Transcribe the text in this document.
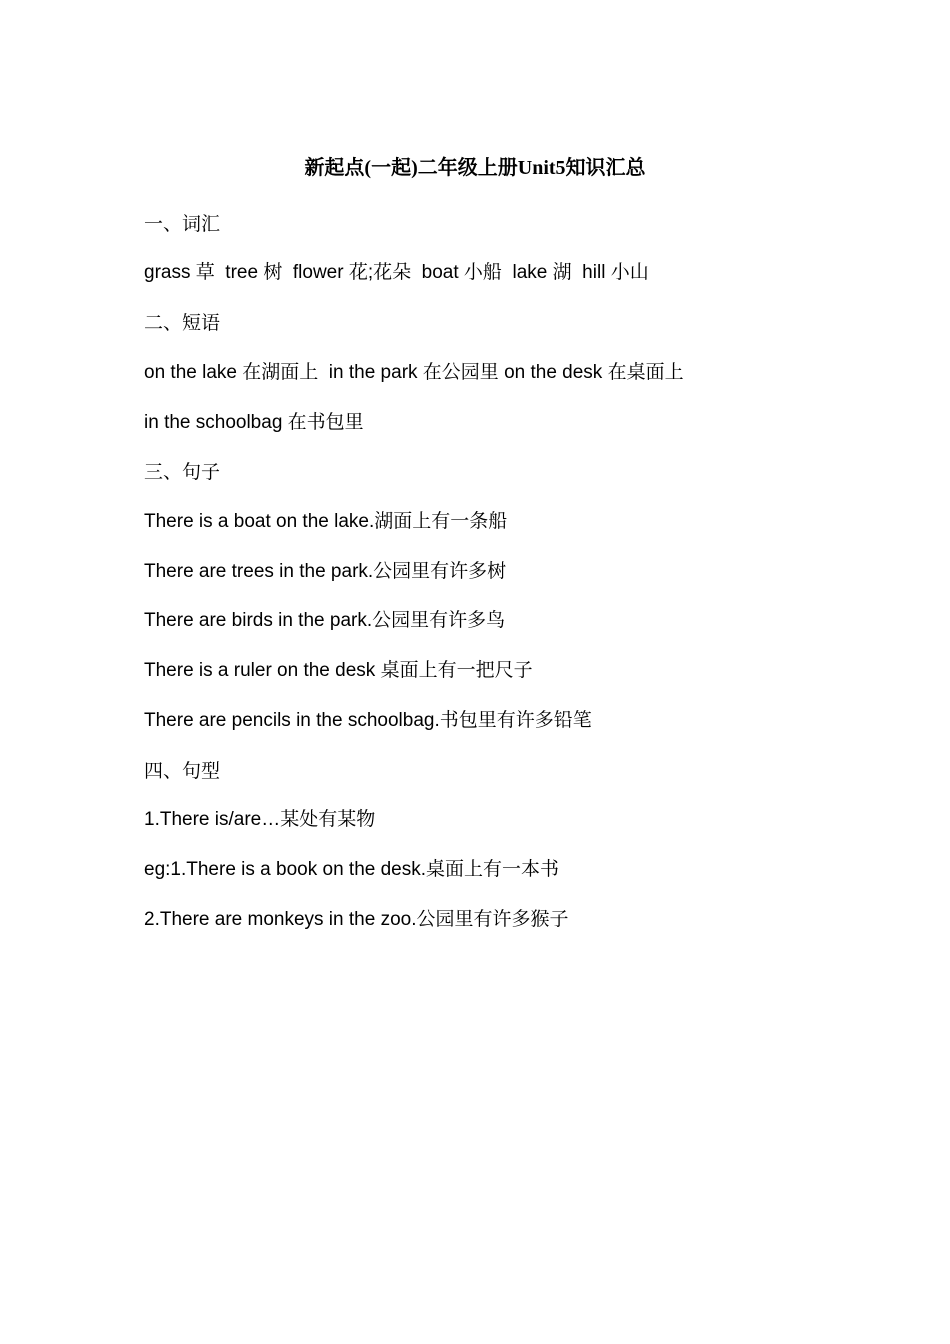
新起点(一起)二年级上册Unit5知识汇总
一、词汇
grass 草  tree 树  flower 花;花朵  boat 小船  lake 湖  hill 小山
二、短语
on the lake 在湖面上  in the park 在公园里 on the desk 在桌面上
in the schoolbag 在书包里
三、句子
There is a boat on the lake.湖面上有一条船
There are trees in the park.公园里有许多树
There are birds in the park.公园里有许多鸟
There is a ruler on the desk 桌面上有一把尺子
There are pencils in the schoolbag.书包里有许多铅笔
四、句型
1.There is/are…某处有某物
eg:1.There is a book on the desk.桌面上有一本书
2.There are monkeys in the zoo.公园里有许多猴子
